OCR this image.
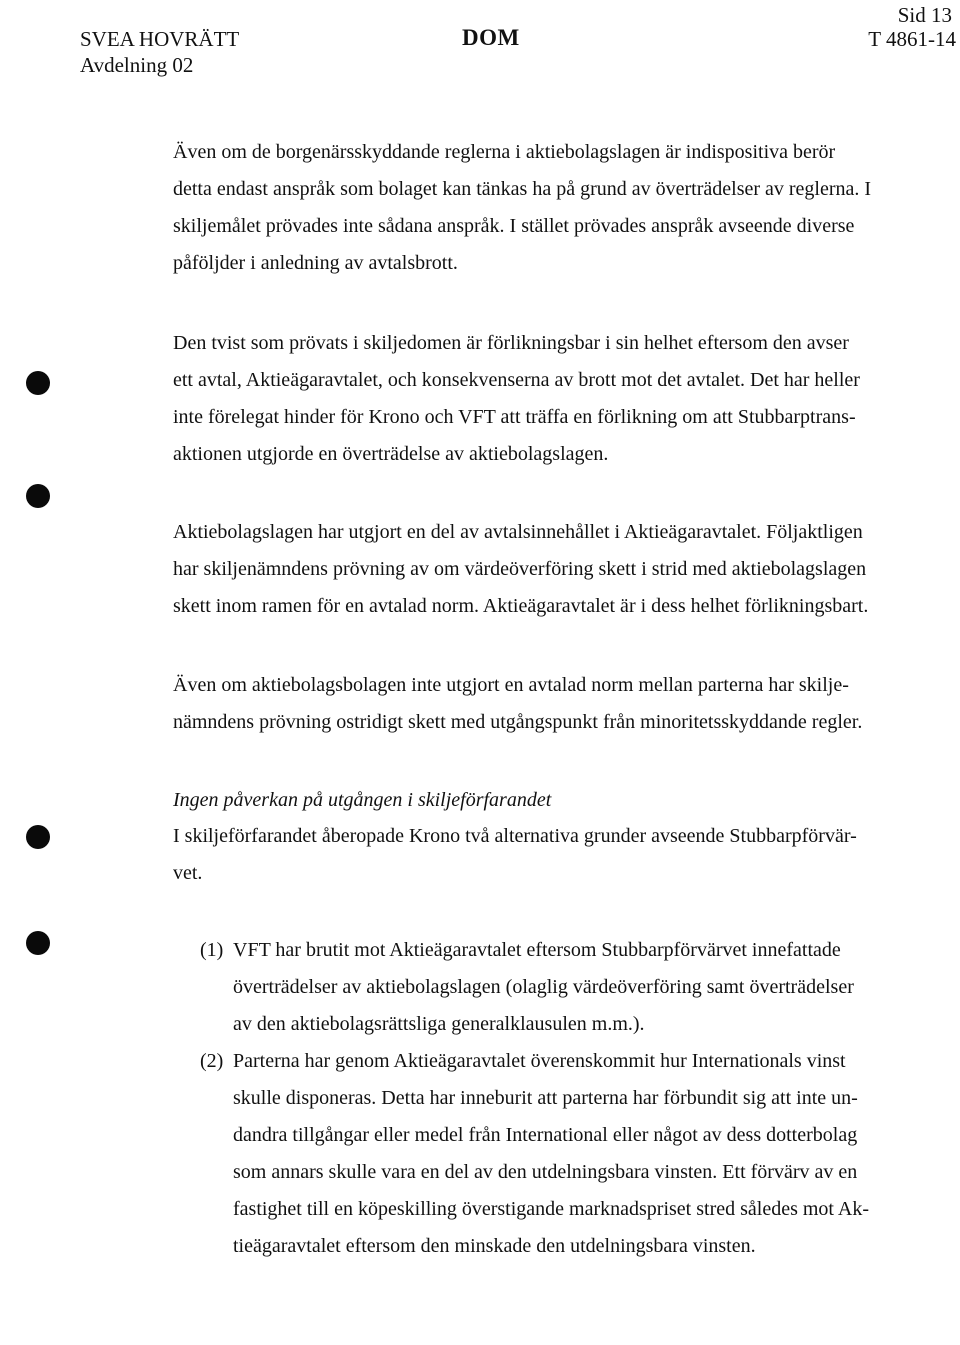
SVEA HOVRÄTT
Avdelning 02
DOM
Sid 13
T 4861-14
Även om de borgenärsskyddande reglerna i aktiebolagslagen är indispositiva berör
detta endast anspråk som bolaget kan tänkas ha på grund av överträdelser av reglerna. I
skiljemålet prövades inte sådana anspråk. I stället prövades anspråk avseende diverse
påföljder i anledning av avtalsbrott.
Den tvist som prövats i skiljedomen är förlikningsbar i sin helhet eftersom den avser
ett avtal, Aktieägaravtalet, och konsekvenserna av brott mot det avtalet. Det har heller
inte förelegat hinder för Krono och VFT att träffa en förlikning om att Stubbarptrans-
aktionen utgjorde en överträdelse av aktiebolagslagen.
Aktiebolagslagen har utgjort en del av avtalsinnehållet i Aktieägaravtalet. Följaktligen
har skiljenämndens prövning av om värdeöverföring skett i strid med aktiebolagslagen
skett inom ramen för en avtalad norm. Aktieägaravtalet är i dess helhet förlikningsbart.
Även om aktiebolagsbolagen inte utgjort en avtalad norm mellan parterna har skilje-
nämndens prövning ostridigt skett med utgångspunkt från minoritetsskyddande regler.
Ingen påverkan på utgången i skiljeförfarandet
I skiljeförfarandet åberopade Krono två alternativa grunder avseende Stubbarpförvär-
vet.
(1) VFT har brutit mot Aktieägaravtalet eftersom Stubbarpförvärvet innefattade
överträdelser av aktiebolagslagen (olaglig värdeöverföring samt överträdelser
av den aktiebolagsrättsliga generalklausulen m.m.).
(2) Parterna har genom Aktieägaravtalet överenskommit hur Internationals vinst
skulle disponeras. Detta har inneburit att parterna har förbundit sig att inte un-
dandra tillgångar eller medel från International eller något av dess dotterbolag
som annars skulle vara en del av den utdelningsbara vinsten. Ett förvärv av en
fastighet till en köpeskilling överstigande marknadspriset stred således mot Ak-
tieägaravtalet eftersom den minskade den utdelningsbara vinsten.
